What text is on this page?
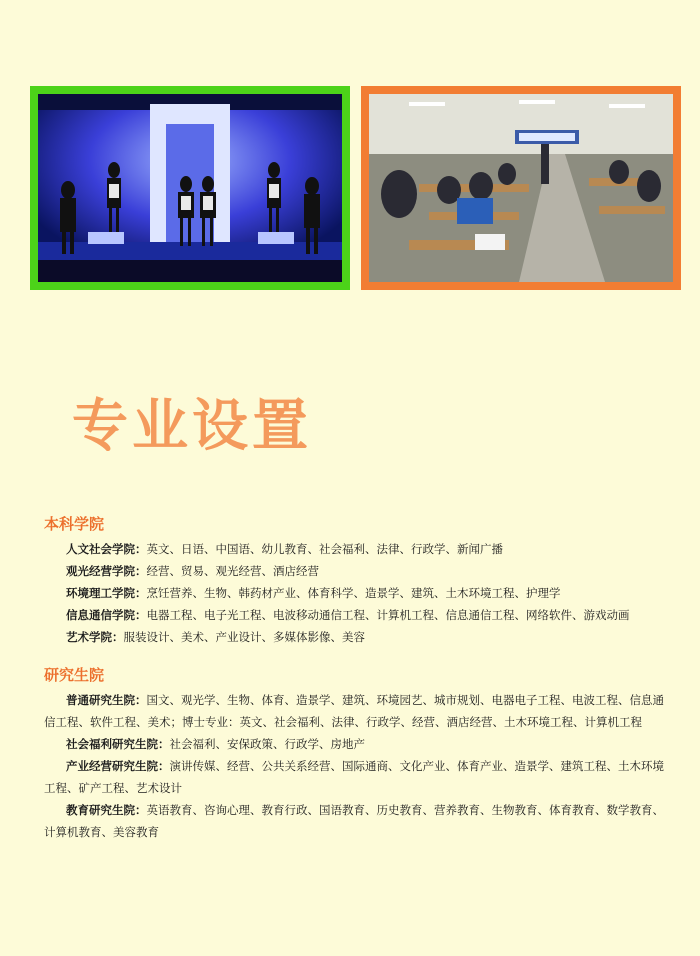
专业设置
本科学院
人文社会学院：英文、日语、中国语、幼儿教育、社会福利、法律、行政学、新闻广播
观光经营学院：经营、贸易、观光经营、酒店经营
环境理工学院：烹饪营养、生物、韩药材产业、体育科学、造景学、建筑、土木环境工程、护理学
信息通信学院：电器工程、电子光工程、电波移动通信工程、计算机工程、信息通信工程、网络软件、游戏动画
艺术学院：服装设计、美术、产业设计、多媒体影像、美容
研究生院
普通研究生院：国文、观光学、生物、体育、造景学、建筑、环境园艺、城市规划、电器电子工程、电波工程、信息通信工程、软件工程、美术；博士专业：英文、社会福利、法律、行政学、经营、酒店经营、土木环境工程、计算机工程
社会福利研究生院：社会福利、安保政策、行政学、房地产
产业经营研究生院：演讲传媒、经营、公共关系经营、国际通商、文化产业、体育产业、造景学、建筑工程、土木环境工程、矿产工程、艺术设计
教育研究生院：英语教育、咨询心理、教育行政、国语教育、历史教育、营养教育、生物教育、体育教育、数学教育、计算机教育、美容教育
